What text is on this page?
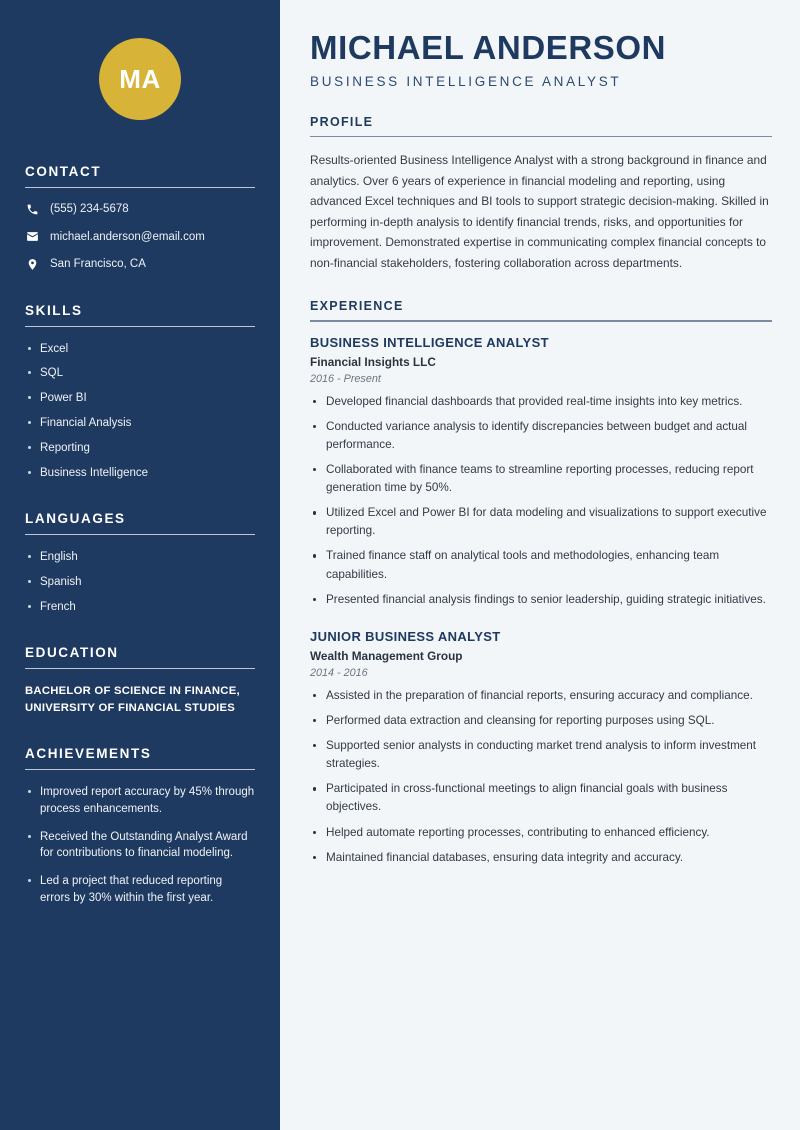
MA
CONTACT
(555) 234-5678
michael.anderson@email.com
San Francisco, CA
SKILLS
Excel
SQL
Power BI
Financial Analysis
Reporting
Business Intelligence
LANGUAGES
English
Spanish
French
EDUCATION
BACHELOR OF SCIENCE IN FINANCE,
UNIVERSITY OF FINANCIAL STUDIES
ACHIEVEMENTS
Improved report accuracy by 45% through process enhancements.
Received the Outstanding Analyst Award for contributions to financial modeling.
Led a project that reduced reporting errors by 30% within the first year.
MICHAEL ANDERSON
BUSINESS INTELLIGENCE ANALYST
PROFILE

Results-oriented Business Intelligence Analyst with a strong background in finance and analytics. Over 6 years of experience in financial modeling and reporting, using advanced Excel techniques and BI tools to support strategic decision-making. Skilled in performing in-depth analysis to identify financial trends, risks, and opportunities for improvement. Demonstrated expertise in communicating complex financial concepts to non-financial stakeholders, fostering collaboration across departments.

EXPERIENCE
BUSINESS INTELLIGENCE ANALYST
Financial Insights LLC
2016 - Present
Developed financial dashboards that provided real-time insights into key metrics.
Conducted variance analysis to identify discrepancies between budget and actual performance.
Collaborated with finance teams to streamline reporting processes, reducing report generation time by 50%.
Utilized Excel and Power BI for data modeling and visualizations to support executive reporting.
Trained finance staff on analytical tools and methodologies, enhancing team capabilities.
Presented financial analysis findings to senior leadership, guiding strategic initiatives.
JUNIOR BUSINESS ANALYST
Wealth Management Group
2014 - 2016
Assisted in the preparation of financial reports, ensuring accuracy and compliance.
Performed data extraction and cleansing for reporting purposes using SQL.
Supported senior analysts in conducting market trend analysis to inform investment strategies.
Participated in cross-functional meetings to align financial goals with business objectives.
Helped automate reporting processes, contributing to enhanced efficiency.
Maintained financial databases, ensuring data integrity and accuracy.
